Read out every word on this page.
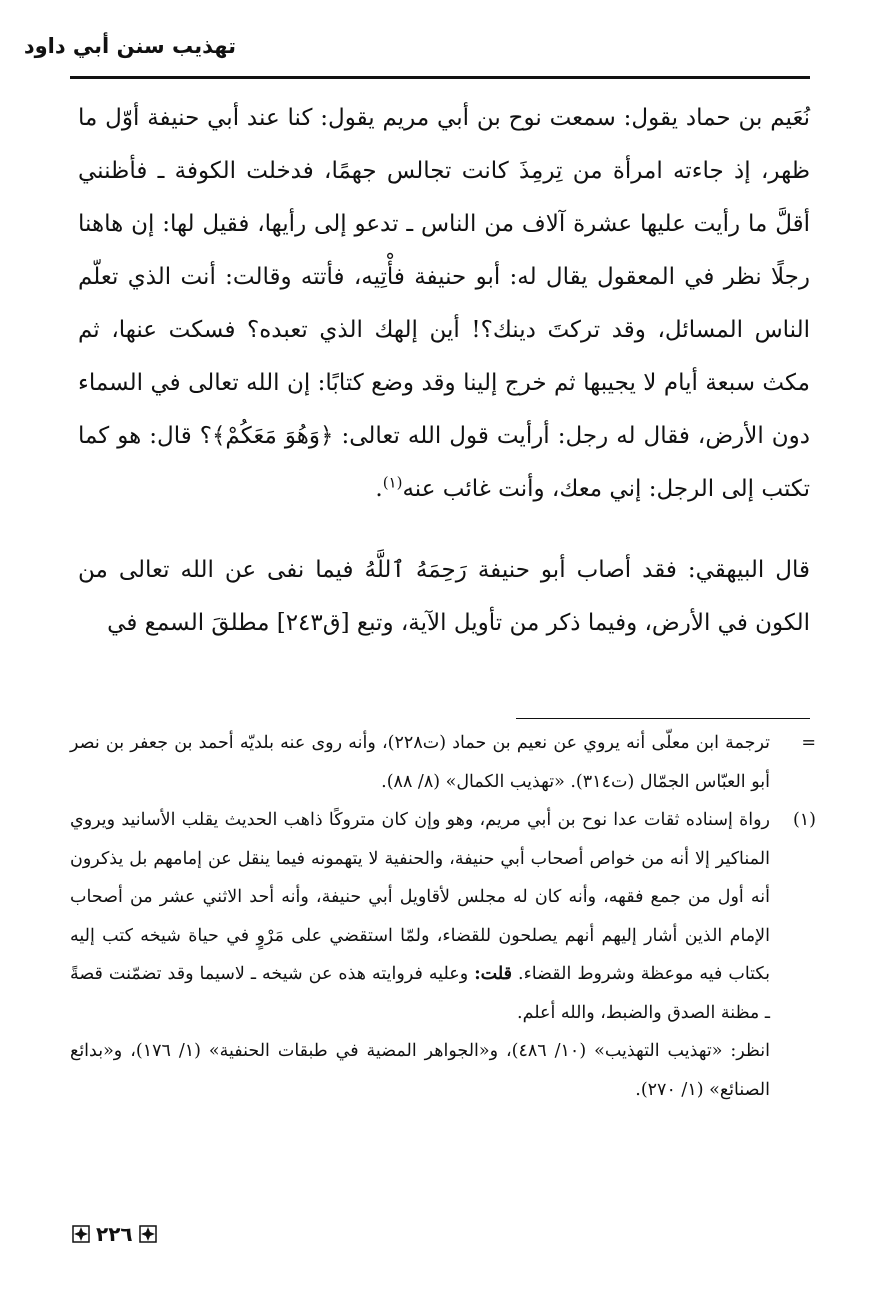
تهذيب سنن أبي داود

نُعَيم بن حماد يقول: سمعت نوح بن أبي مريم يقول: كنا عند أبي حنيفة أوّل ما ظهر، إذ جاءته امرأة من تِرمِذَ كانت تجالس جهمًا، فدخلت الكوفة ـ فأظنني أقلَّ ما رأيت عليها عشرة آلاف من الناس ـ تدعو إلى رأيها، فقيل لها: إن هاهنا رجلًا نظر في المعقول يقال له: أبو حنيفة فأْتِيه، فأتته وقالت: أنت الذي تعلّم الناس المسائل، وقد تركتَ دينك؟! أين إلهك الذي تعبده؟ فسكت عنها، ثم مكث سبعة أيام لا يجيبها ثم خرج إلينا وقد وضع كتابًا: إن الله تعالى في السماء دون الأرض، فقال له رجل: أرأيت قول الله تعالى: ﴿وَهُوَ مَعَكُمْ﴾؟ قال: هو كما تكتب إلى الرجل: إني معك، وأنت غائب عنه$^{(١)}$.

قال البيهقي: فقد أصاب أبو حنيفة رَحِمَهُ ٱللَّهُ فيما نفى عن الله تعالى من الكون في الأرض، وفيما ذكر من تأويل الآية، وتبع [ق٢٤٣] مطلقَ السمع في

=
ترجمة ابن معلّى أنه يروي عن نعيم بن حماد (ت٢٢٨)، وأنه روى عنه بلديّه أحمد بن جعفر بن نصر أبو العبّاس الجمّال (ت٣١٤). «تهذيب الكمال» (٨/ ٨٨).
(١)
رواة إسناده ثقات عدا نوح بن أبي مريم، وهو وإن كان متروكًا ذاهب الحديث يقلب الأسانيد ويروي المناكير إلا أنه من خواص أصحاب أبي حنيفة، والحنفية لا يتهمونه فيما ينقل عن إمامهم بل يذكرون أنه أول من جمع فقهه، وأنه كان له مجلس لأقاويل أبي حنيفة، وأنه أحد الاثني عشر من أصحاب الإمام الذين أشار إليهم أنهم يصلحون للقضاء، ولمّا استقضي على مَرْوٍ في حياة شيخه كتب إليه بكتاب فيه موعظة وشروط القضاء. قلت: وعليه فروايته هذه عن شيخه ـ لاسيما وقد تضمّنت قصةً ـ مظنة الصدق والضبط، والله أعلم.
انظر: «تهذيب التهذيب» (١٠/ ٤٨٦)، و«الجواهر المضية في طبقات الحنفية» (١/ ١٧٦)، و«بدائع الصنائع» (١/ ٢٧٠).
٢٢٦
